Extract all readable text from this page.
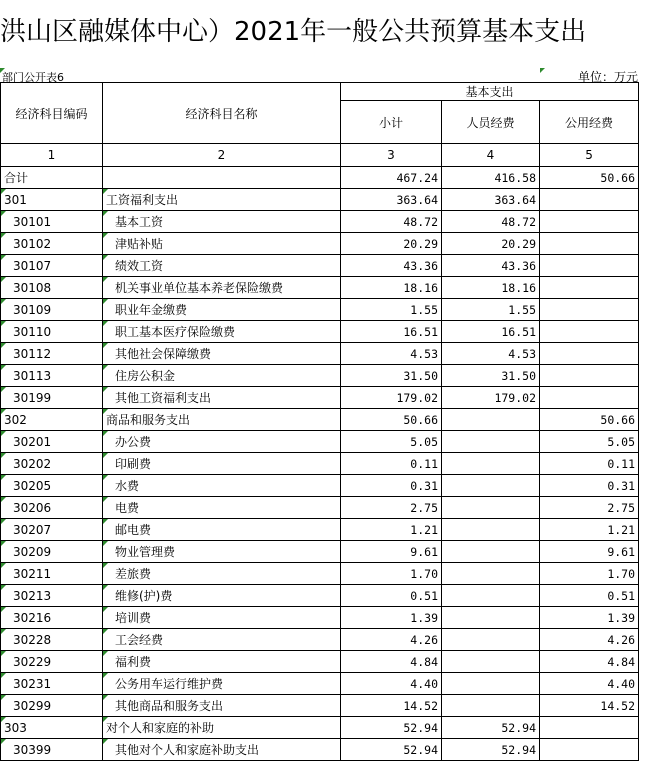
洪山区融媒体中心）2021年一般公共预算基本支出
部门公开表6	单位：万元
经济科目编码	经济科目名称	基本支出		
		小计	人员经费	公用经费
1	2	3	4	5
合计		467.24	416.58	50.66

301	工资福利支出	363.64	363.64	

30101	基本工资	48.72	48.72	

30102	津贴补贴	20.29	20.29	

30107	绩效工资	43.36	43.36	

30108	机关事业单位基本养老保险缴费	18.16	18.16	

30109	职业年金缴费	1.55	1.55	

30110	职工基本医疗保险缴费	16.51	16.51	

30112	其他社会保障缴费	4.53	4.53	

30113	住房公积金	31.50	31.50	

30199	其他工资福利支出	179.02	179.02	

302	商品和服务支出	50.66		50.66

30201	办公费	5.05		5.05

30202	印刷费	0.11		0.11

30205	水费	0.31		0.31

30206	电费	2.75		2.75

30207	邮电费	1.21		1.21

30209	物业管理费	9.61		9.61

30211	差旅费	1.70		1.70

30213	维修(护)费	0.51		0.51

30216	培训费	1.39		1.39

30228	工会经费	4.26		4.26

30229	福利费	4.84		4.84

30231	公务用车运行维护费	4.40		4.40

30299	其他商品和服务支出	14.52		14.52

303	对个人和家庭的补助	52.94	52.94	

30399	其他对个人和家庭补助支出	52.94	52.94	
